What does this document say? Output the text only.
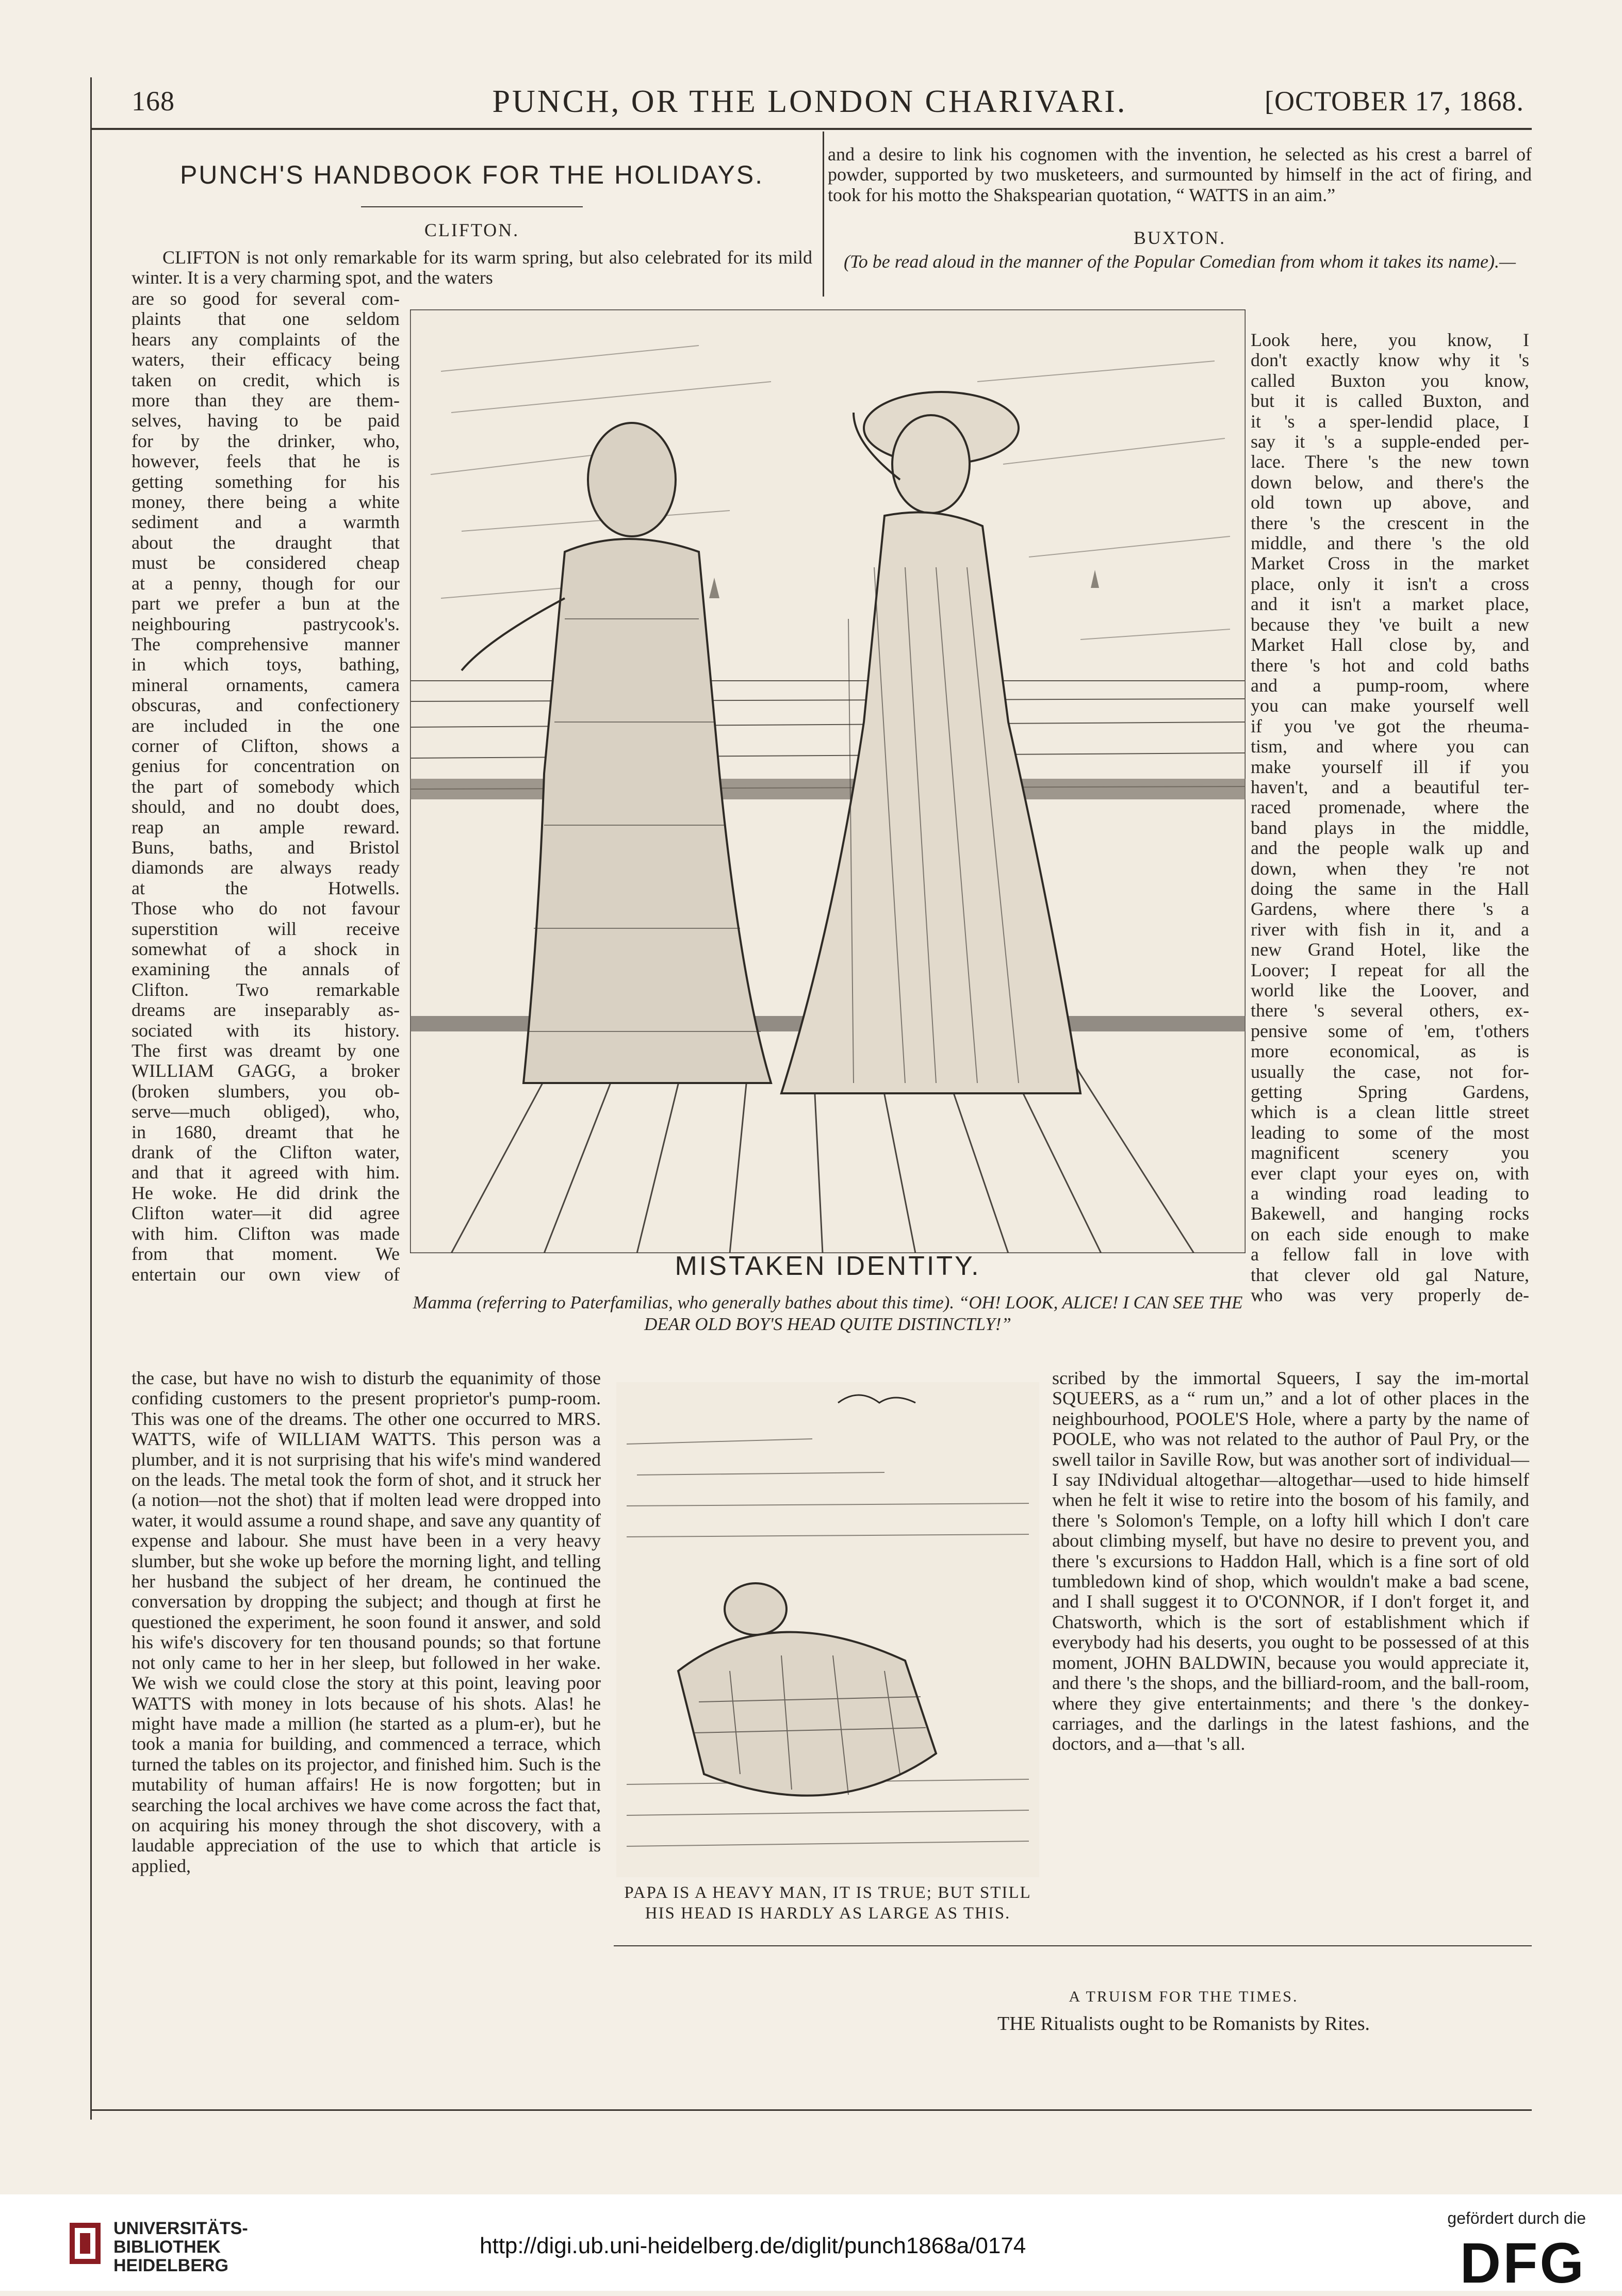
168	PUNCH, OR THE LONDON CHARIVARI.	[OCTOBER 17, 1868.
PUNCH'S HANDBOOK FOR THE HOLIDAYS.
CLIFTON.

CLIFTON is not only remarkable for its warm spring, but also celebrated for its mild winter. It is a very charming spot, and the waters

are so good for several com-
plaints that one seldom
hears any complaints of the
waters, their efficacy being
taken on credit, which is
more than they are them-
selves, having to be paid
for by the drinker, who,
however, feels that he is
getting something for his
money, there being a white
sediment and a warmth
about the draught that
must be considered cheap
at a penny, though for our
part we prefer a bun at the
neighbouring pastrycook's.
The comprehensive manner
in which toys, bathing,
mineral ornaments, camera
obscuras, and confectionery
are included in the one
corner of Clifton, shows a
genius for concentration on
the part of somebody which
should, and no doubt does,
reap an ample reward.
Buns, baths, and Bristol
diamonds are always ready
at the Hotwells.
Those who do not favour
superstition will receive
somewhat of a shock in
examining the annals of
Clifton. Two remarkable
dreams are inseparably as-
sociated with its history.
The first was dreamt by one
WILLIAM GAGG, a broker
(broken slumbers, you ob-
serve—much obliged), who,
in 1680, dreamt that he
drank of the Clifton water,
and that it agreed with him.
He woke. He did drink the
Clifton water—it did agree
with him. Clifton was made
from that moment. We
entertain our own view of

the case, but have no wish to disturb the equanimity of those confiding customers to the present proprietor's pump-room. This was one of the dreams. The other one occurred to MRS. WATTS, wife of WILLIAM WATTS. This person was a plumber, and it is not surprising that his wife's mind wandered on the leads. The metal took the form of shot, and it struck her (a notion—not the shot) that if molten lead were dropped into water, it would assume a round shape, and save any quantity of expense and labour. She must have been in a very heavy slumber, but she woke up before the morning light, and telling her husband the subject of her dream, he continued the conversation by dropping the subject; and though at first he questioned the experiment, he soon found it answer, and sold his wife's discovery for ten thousand pounds; so that fortune not only came to her in her sleep, but followed in her wake. We wish we could close the story at this point, leaving poor WATTS with money in lots because of his shots. Alas! he might have made a million (he started as a plum-er), but he took a mania for building, and commenced a terrace, which turned the tables on its projector, and finished him. Such is the mutability of human affairs! He is now forgotten; but in searching the local archives we have come across the fact that, on acquiring his money through the shot discovery, with a laudable appreciation of the use to which that article is applied,

and a desire to link his cognomen with the invention, he selected as his crest a barrel of powder, supported by two musketeers, and surmounted by himself in the act of firing, and took for his motto the Shakspearian quotation, “ WATTS in an aim.”

BUXTON.

(To be read aloud in the manner of the Popular Comedian from whom it takes its name).—

Look here, you know, I
don't exactly know why it 's
called Buxton you know,
but it is called Buxton, and
it 's a sper-lendid place, I
say it 's a supple-ended per-
lace. There 's the new town
down below, and there's the
old town up above, and
there 's the crescent in the
middle, and there 's the old
Market Cross in the market
place, only it isn't a cross
and it isn't a market place,
because they 've built a new
Market Hall close by, and
there 's hot and cold baths
and a pump-room, where
you can make yourself well
if you 've got the rheuma-
tism, and where you can
make yourself ill if you
haven't, and a beautiful ter-
raced promenade, where the
band plays in the middle,
and the people walk up and
down, when they 're not
doing the same in the Hall
Gardens, where there 's a
river with fish in it, and a
new Grand Hotel, like the
Loover; I repeat for all the
world like the Loover, and
there 's several others, ex-
pensive some of 'em, t'others
more economical, as is
usually the case, not for-
getting Spring Gardens,
which is a clean little street
leading to some of the most
magnificent scenery you
ever clapt your eyes on, with
a winding road leading to
Bakewell, and hanging rocks
on each side enough to make
a fellow fall in love with
that clever old gal Nature,
who was very properly de-

scribed by the immortal Squeers, I say the im-mortal SQUEERS, as a “ rum un,” and a lot of other places in the neighbourhood, POOLE'S Hole, where a party by the name of POOLE, who was not related to the author of Paul Pry, or the swell tailor in Saville Row, but was another sort of individual—I say INdividual altogethar—altogethar—used to hide himself when he felt it wise to retire into the bosom of his family, and there 's Solomon's Temple, on a lofty hill which I don't care about climbing myself, but have no desire to prevent you, and there 's excursions to Haddon Hall, which is a fine sort of old tumbledown kind of shop, which wouldn't make a bad scene, and I shall suggest it to O'CONNOR, if I don't forget it, and Chatsworth, which is the sort of establishment which if everybody had his deserts, you ought to be possessed of at this moment, JOHN BALDWIN, because you would appreciate it, and there 's the shops, and the billiard-room, and the ball-room, where they give entertainments; and there 's the donkey-carriages, and the darlings in the latest fashions, and the doctors, and a—that 's all.

MISTAKEN IDENTITY.
Mamma (referring to Paterfamilias, who generally bathes about this time). “OH! LOOK, ALICE! I CAN SEE THE DEAR OLD BOY'S HEAD QUITE DISTINCTLY!”
PAPA IS A HEAVY MAN, IT IS TRUE; BUT STILL HIS HEAD IS HARDLY AS LARGE AS THIS.
A TRUISM FOR THE TIMES.

THE Ritualists ought to be Romanists by Rites.

UNIVERSITÄTS-
BIBLIOTHEK
HEIDELBERG
http://digi.ub.uni-heidelberg.de/diglit/punch1868a/0174
gefördert durch die
DFG
